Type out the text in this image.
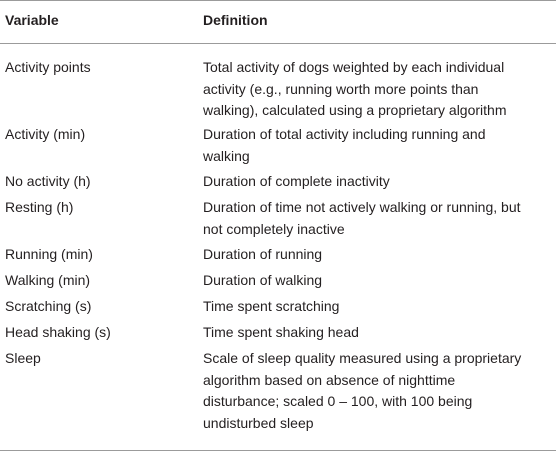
Variable	Definition
Activity points	Total activity of dogs weighted by each individual
activity (e.g., running worth more points than
walking), calculated using a proprietary algorithm
Activity (min)	Duration of total activity including running and
walking
No activity (h)	Duration of complete inactivity
Resting (h)	Duration of time not actively walking or running, but
not completely inactive
Running (min)	Duration of running
Walking (min)	Duration of walking
Scratching (s)	Time spent scratching
Head shaking (s)	Time spent shaking head
Sleep	Scale of sleep quality measured using a proprietary
algorithm based on absence of nighttime
disturbance; scaled 0 – 100, with 100 being
undisturbed sleep
